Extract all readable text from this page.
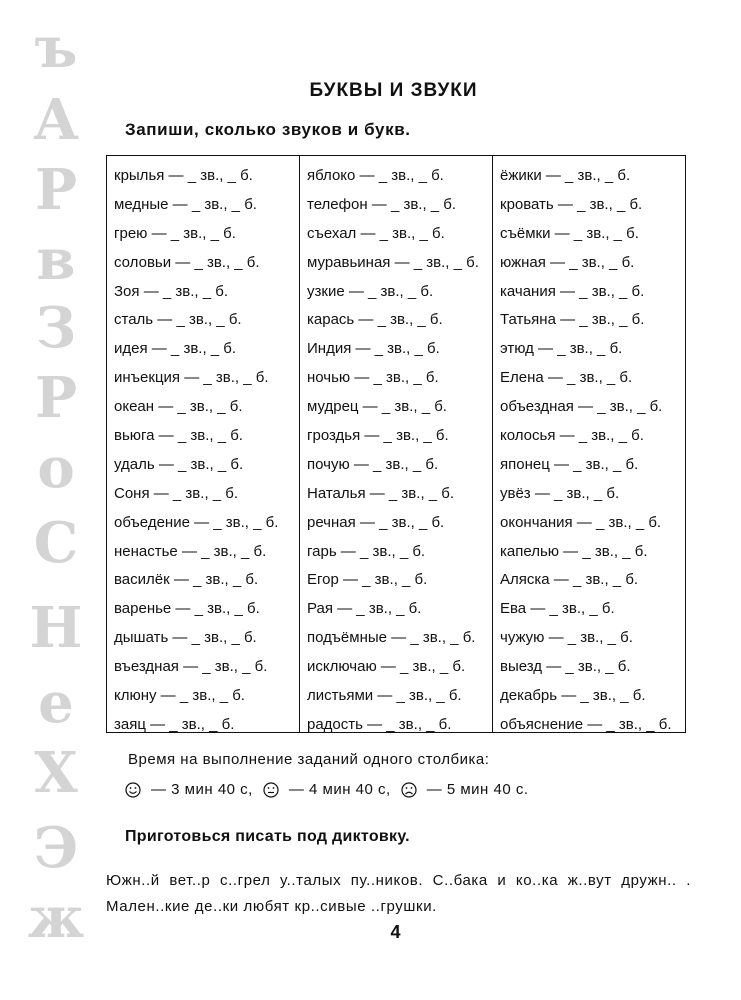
ъ
А
Р
в
З
Р
о
С
Н
е
Х
Э
ж
БУКВЫ И ЗВУКИ
Запиши, сколько звуков и букв.
крылья — _ зв., _ б.
медные — _ зв., _ б.
грею — _ зв., _ б.
соловьи — _ зв., _ б.
Зоя — _ зв., _ б.
сталь — _ зв., _ б.
идея — _ зв., _ б.
инъекция — _ зв., _ б.
океан — _ зв., _ б.
вьюга — _ зв., _ б.
удаль — _ зв., _ б.
Соня — _ зв., _ б.
объедение — _ зв., _ б.
ненастье — _ зв., _ б.
василёк — _ зв., _ б.
варенье — _ зв., _ б.
дышать — _ зв., _ б.
въездная — _ зв., _ б.
клюну — _ зв., _ б.
заяц — _ зв., _ б.
яблоко — _ зв., _ б.
телефон — _ зв., _ б.
съехал — _ зв., _ б.
муравьиная — _ зв., _ б.
узкие — _ зв., _ б.
карась — _ зв., _ б.
Индия — _ зв., _ б.
ночью — _ зв., _ б.
мудрец — _ зв., _ б.
гроздья — _ зв., _ б.
почую — _ зв., _ б.
Наталья — _ зв., _ б.
речная — _ зв., _ б.
гарь — _ зв., _ б.
Егор — _ зв., _ б.
Рая — _ зв., _ б.
подъёмные — _ зв., _ б.
исключаю — _ зв., _ б.
листьями — _ зв., _ б.
радость — _ зв., _ б.
ёжики — _ зв., _ б.
кровать — _ зв., _ б.
съёмки — _ зв., _ б.
южная — _ зв., _ б.
качания — _ зв., _ б.
Татьяна — _ зв., _ б.
этюд — _ зв., _ б.
Елена — _ зв., _ б.
объездная — _ зв., _ б.
колосья — _ зв., _ б.
японец — _ зв., _ б.
увёз — _ зв., _ б.
окончания — _ зв., _ б.
капелью — _ зв., _ б.
Аляска — _ зв., _ б.
Ева — _ зв., _ б.
чужую — _ зв., _ б.
выезд — _ зв., _ б.
декабрь — _ зв., _ б.
объяснение — _ зв., _ б.
Время на выполнение заданий одного столбика:
— 3 мин 40 с, — 4 мин 40 с, — 5 мин 40 с.
Приготовься писать под диктовку.
Южн..й вет..р с..грел у..талых пу..ников. С..бака и ко..ка ж..вут дружн.. . Мален..кие де..ки любят кр..сивые ..грушки.
4
